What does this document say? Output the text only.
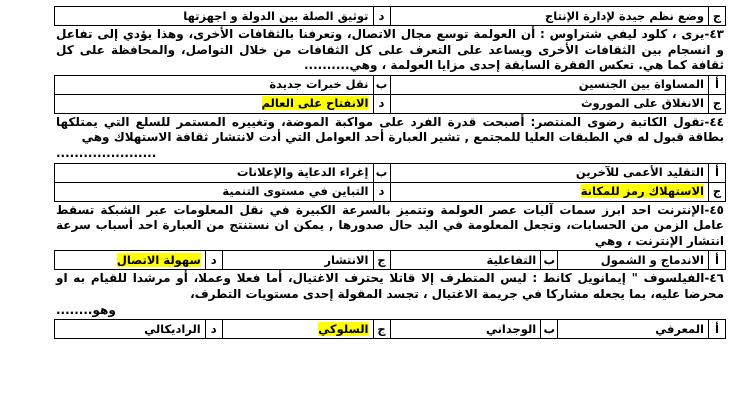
ج	وضع نظم جيدة لإدارة الإنتاج	د	توثيق الصلة بين الدولة و اجهزتها
٤٣-يرى ، كلود ليفي شتراوس : أن العولمة توسع مجال الاتصال، وتعرفنا بالثقافات الأخرى، وهذا يؤدي إلى تفاعل و انسجام بين الثقافات الأخرى ويساعد على التعرف على كل الثقافات من خلال التواصل، والمحافظة على كل ثقافة كما هي. تعكس الفقرة السابقة إحدى مزايا العولمة ، وهي..........
أ	المساواة بين الجنسين	ب	نقل خبرات جديدة
ج	الانغلاق على الموروث	د	الانفتاح على العالم
٤٤-تقول الكاتبة رضوى المنتصر: أصبحت قدرة الفرد على مواكبة الموضة، وتغييره المستمر للسلع التي يمتلكها بطاقة قبول له في الطبقات العليا للمجتمع , تشير العبارة أحد العوامل التي أدت لانتشار ثقافة الاستهلاك وهي
......................
أ	التقليد الأعمى للآخرين	ب	إغراء الدعاية والإعلانات
ج	الاستهلاك رمز للمكانة	د	التباين في مستوى التنمية
٤٥-الإنترنت احد ابرز سمات آليات عصر العولمة وتتميز بالسرعة الكبيرة في نقل المعلومات عبر الشبكة تسقط عامل الزمن من الحسابات، وتجعل المعلومة في اليد حال صدورها , يمكن ان نستنتج من العبارة احد أسباب سرعة انتشار الإنترنت ، وهي
أ	الاندماج و الشمول	ب	التفاعلية	ج	الانتشار	د	سهولة الاتصال
٤٦-الفيلسوف " إيمانويل كانط : ليس المتطرف إلا قاتلا يحترف الاغتيال، أما فعلا وعملا، أو مرشدا للقيام به او محرضا عليه، بما يجعله مشاركا في جريمة الاغتيال ، تجسد المقولة إحدى مستويات التطرف،
وهو........
أ	المعرفي	ب	الوجداني	ج	السلوكي	د	الراديكالي
